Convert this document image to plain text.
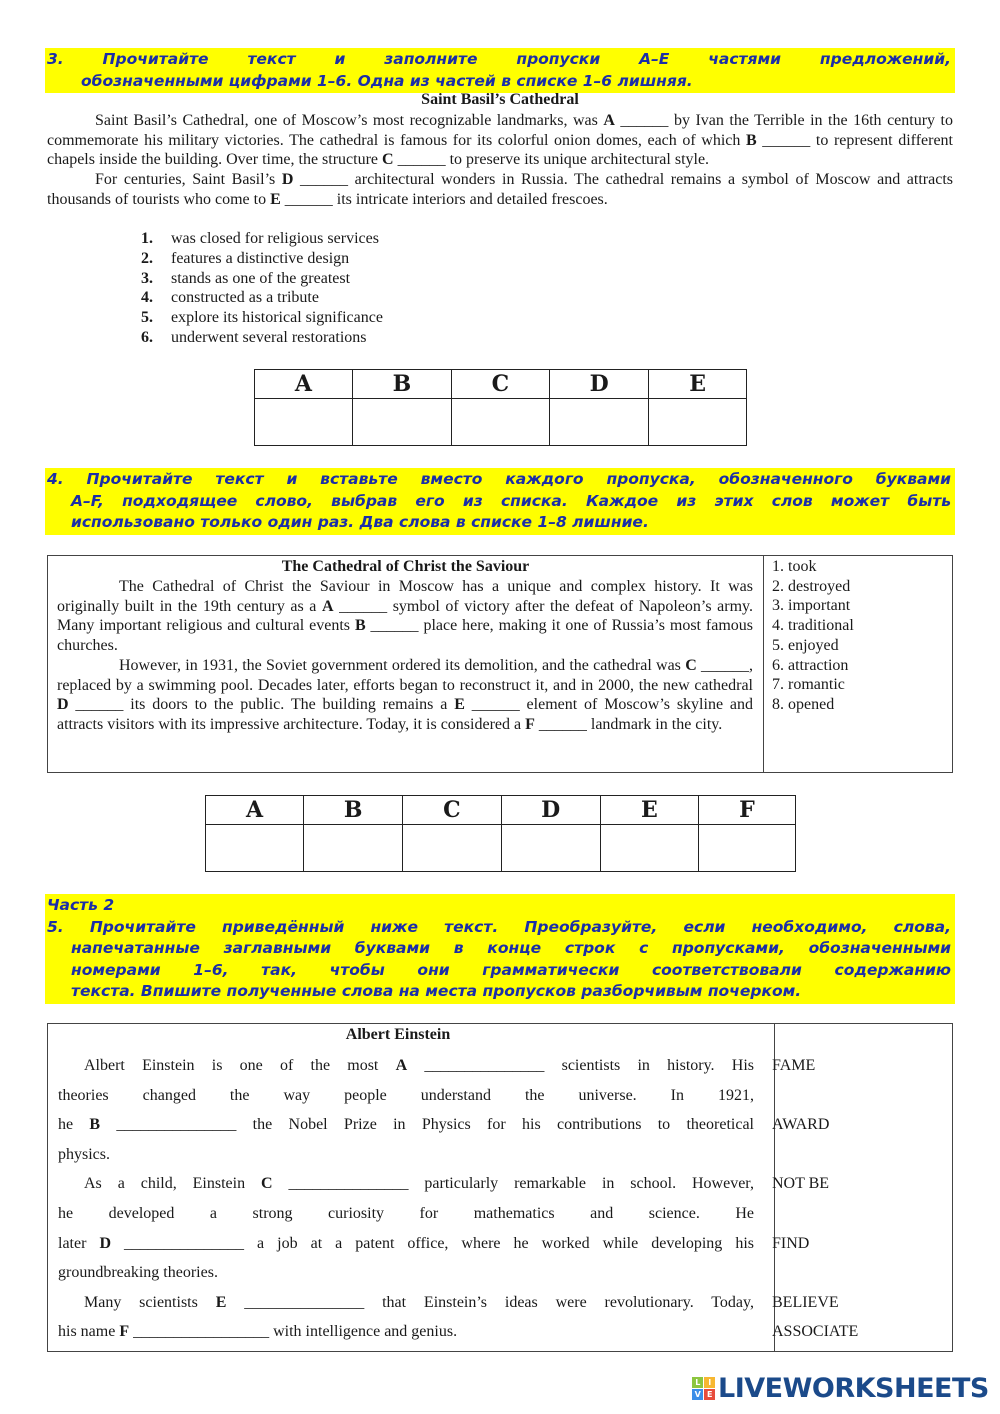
3. Прочитайте текст и заполните пропуски А–Е частями предложений,
обозначенными цифрами 1–6. Одна из частей в списке 1–6 лишняя.
Saint Basil’s Cathedral

Saint Basil’s Cathedral, one of Moscow’s most recognizable landmarks, was A ______ by Ivan the Terrible in the 16th century to commemorate his military victories. The cathedral is famous for its colorful onion domes, each of which B ______ to represent different chapels inside the building. Over time, the structure C ______ to preserve its unique architectural style.

For centuries, Saint Basil’s D ______ architectural wonders in Russia. The cathedral remains a symbol of Moscow and attracts thousands of tourists who come to E ______ its intricate interiors and detailed frescoes.

1.	was closed for religious services
2.	features a distinctive design
3.	stands as one of the greatest
4.	constructed as a tribute
5.	explore its historical significance
6.	underwent several restorations
A	B	C	D	E

4. Прочитайте текст и вставьте вместо каждого пропуска, обозначенного буквами
А–F, подходящее слово, выбрав его из списка. Каждое из этих слов может быть
использовано только один раз. Два слова в списке 1–8 лишние.
The Cathedral of Christ the Saviour

The Cathedral of Christ the Saviour in Moscow has a unique and complex history. It was originally built in the 19th century as a A ______ symbol of victory after the defeat of Napoleon’s army. Many important religious and cultural events B ______ place here, making it one of Russia’s most famous churches.

However, in 1931, the Soviet government ordered its demolition, and the cathedral was C ______, replaced by a swimming pool. Decades later, efforts began to reconstruct it, and in 2000, the new cathedral D ______ its doors to the public. The building remains a E ______ element of Moscow’s skyline and attracts visitors with its impressive architecture. Today, it is considered a F ______ landmark in the city.

1. took
2. destroyed
3. important
4. traditional
5. enjoyed
6. attraction
7. romantic
8. opened
A	B	C	D	E	F

Часть 2
5. Прочитайте приведённый ниже текст. Преобразуйте, если необходимо, слова,
напечатанные заглавными буквами в конце строк с пропусками, обозначенными
номерами 1–6, так, чтобы они грамматически соответствовали содержанию
текста. Впишите полученные слова на места пропусков разборчивым почерком.
Albert Einstein
Albert Einstein is one of the most A _______________ scientists in history. His	FAME
theories changed the way people understand the universe. In 1921,
he B _______________ the Nobel Prize in Physics for his contributions to theoretical	AWARD
physics.
As a child, Einstein C _______________ particularly remarkable in school. However,	NOT BE
he developed a strong curiosity for mathematics and science. He
later D _______________ a job at a patent office, where he worked while developing his	FIND
groundbreaking theories.
Many scientists E _______________ that Einstein’s ideas were revolutionary. Today,	BELIEVE
his name F _________________ with intelligence and genius.	ASSOCIATE
L	I
V E LIVEWORKSHEETS
